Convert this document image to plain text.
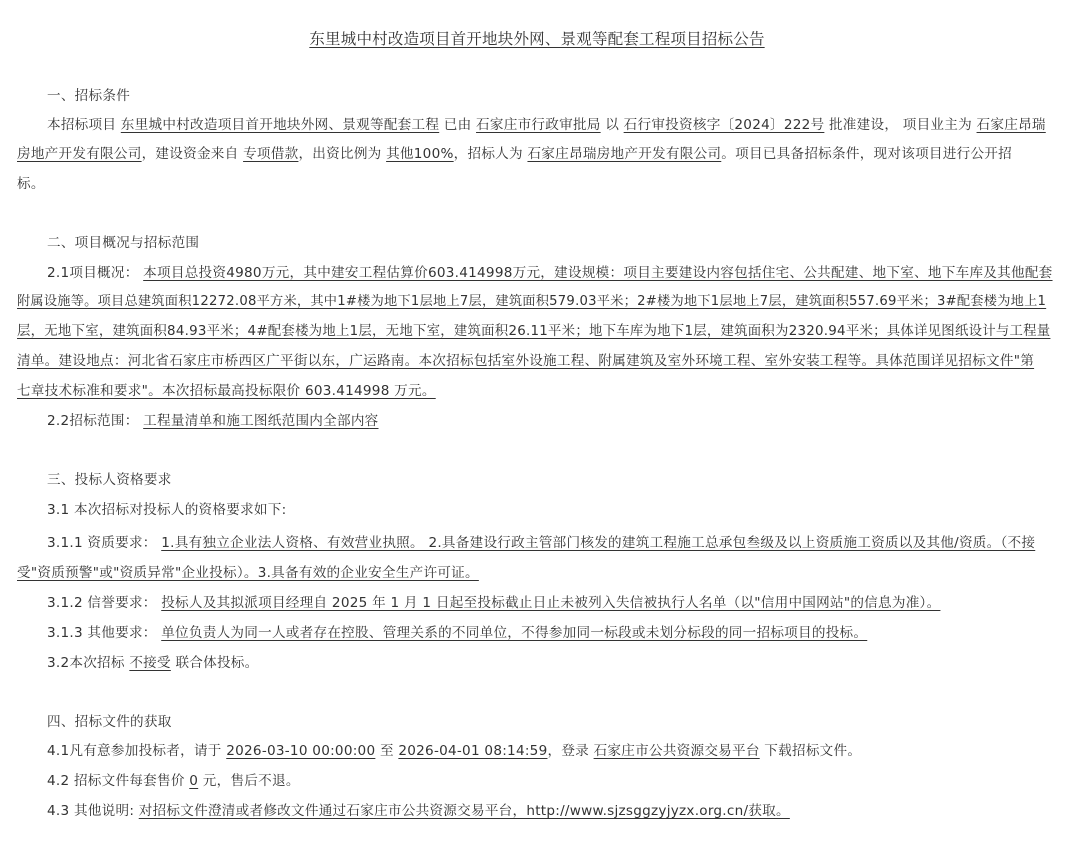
东里城中村改造项目首开地块外网、景观等配套工程项目招标公告
一、招标条件
本招标项目 东里城中村改造项目首开地块外网、景观等配套工程 已由 石家庄市行政审批局 以 石行审投资核字〔2024〕222号 批准建设， 项目业主为 石家庄昂瑞
房地产开发有限公司，建设资金来自 专项借款，出资比例为 其他100%，招标人为 石家庄昂瑞房地产开发有限公司。项目已具备招标条件，现对该项目进行公开招
标。
二、项目概况与招标范围
2.1项目概况： 本项目总投资4980万元，其中建安工程估算价603.414998万元，建设规模：项目主要建设内容包括住宅、公共配建、地下室、地下车库及其他配套
附属设施等。项目总建筑面积12272.08平方米，其中1#楼为地下1层地上7层，建筑面积579.03平米；2#楼为地下1层地上7层，建筑面积557.69平米；3#配套楼为地上1
层，无地下室，建筑面积84.93平米；4#配套楼为地上1层，无地下室，建筑面积26.11平米；地下车库为地下1层，建筑面积为2320.94平米；具体详见图纸设计与工程量
清单。建设地点：河北省石家庄市桥西区广平街以东，广运路南。本次招标包括室外设施工程、附属建筑及室外环境工程、室外安装工程等。具体范围详见招标文件"第
七章技术标准和要求"。本次招标最高投标限价 603.414998 万元。
2.2招标范围： 工程量清单和施工图纸范围内全部内容
三、投标人资格要求
3.1 本次招标对投标人的资格要求如下:
3.1.1 资质要求： 1.具有独立企业法人资格、有效营业执照。 2.具备建设行政主管部门核发的建筑工程施工总承包叁级及以上资质施工资质以及其他/资质。（不接
受"资质预警"或"资质异常"企业投标）。3.具备有效的企业安全生产许可证。
3.1.2 信誉要求： 投标人及其拟派项目经理自 2025 年 1 月 1 日起至投标截止日止未被列入失信被执行人名单（以"信用中国网站"的信息为准）。
3.1.3 其他要求： 单位负责人为同一人或者存在控股、管理关系的不同单位，不得参加同一标段或未划分标段的同一招标项目的投标。
3.2本次招标 不接受 联合体投标。
四、招标文件的获取
4.1凡有意参加投标者，请于 2026-03-10 00:00:00 至 2026-04-01 08:14:59，登录 石家庄市公共资源交易平台 下载招标文件。
4.2 招标文件每套售价 0 元，售后不退。
4.3 其他说明: 对招标文件澄清或者修改文件通过石家庄市公共资源交易平台，http://www.sjzsggzyjyzx.org.cn/获取。
